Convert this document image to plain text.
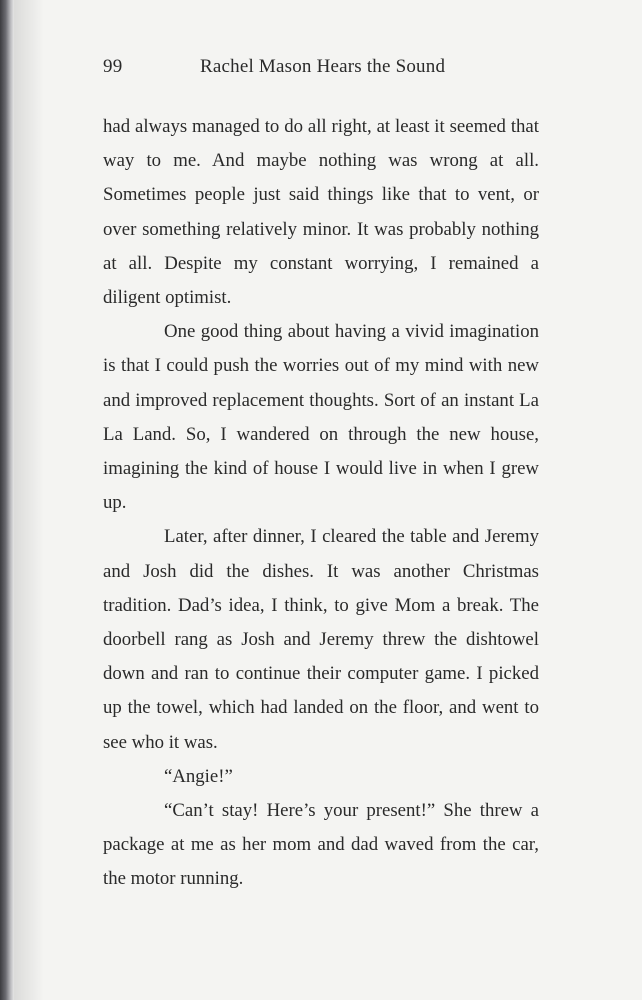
99	Rachel Mason Hears the Sound

had always managed to do all right, at least it seemed that way to me. And maybe nothing was wrong at all. Sometimes people just said things like that to vent, or over something relatively minor. It was probably nothing at all. Despite my constant worrying, I remained a diligent optimist.

One good thing about having a vivid imagination is that I could push the worries out of my mind with new and improved replacement thoughts. Sort of an instant La La Land. So, I wandered on through the new house, imagining the kind of house I would live in when I grew up.

Later, after dinner, I cleared the table and Jeremy and Josh did the dishes. It was another Christmas tradition. Dad’s idea, I think, to give Mom a break. The doorbell rang as Josh and Jeremy threw the dishtowel down and ran to continue their computer game. I picked up the towel, which had landed on the floor, and went to see who it was.

“Angie!”

“Can’t stay! Here’s your present!” She threw a package at me as her mom and dad waved from the car, the motor running.
